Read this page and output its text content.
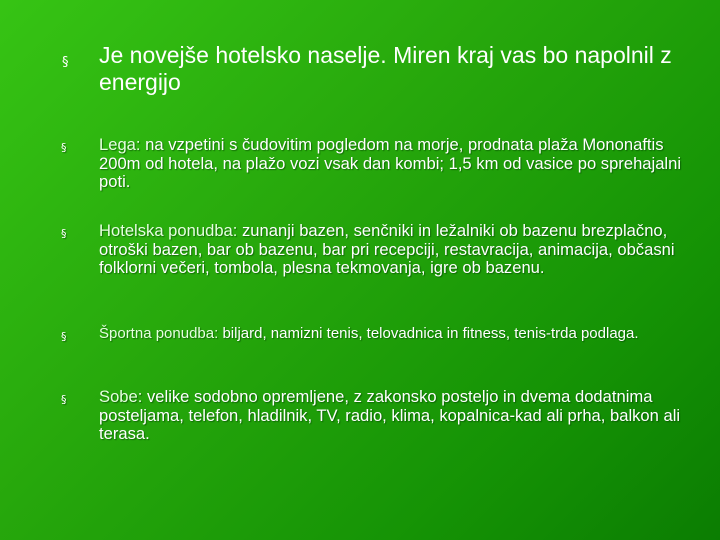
§ Je novejše hotelsko naselje. Miren kraj vas bo napolnil z energijo
§ Lega: na vzpetini s čudovitim pogledom na morje, prodnata plaža Mononaftis 200m od hotela, na plažo vozi vsak dan kombi; 1,5 km od vasice po sprehajalni poti.
§ Hotelska ponudba: zunanji bazen, senčniki in ležalniki ob bazenu brezplačno, otroški bazen, bar ob bazenu, bar pri recepciji, restavracija, animacija, občasni folklorni večeri, tombola, plesna tekmovanja, igre ob bazenu.
§ Športna ponudba: biljard, namizni tenis, telovadnica in fitness, tenis-trda podlaga.
§ Sobe: velike sodobno opremljene, z zakonsko posteljo in dvema dodatnima posteljama, telefon, hladilnik, TV, radio, klima, kopalnica-kad ali prha, balkon ali terasa.
